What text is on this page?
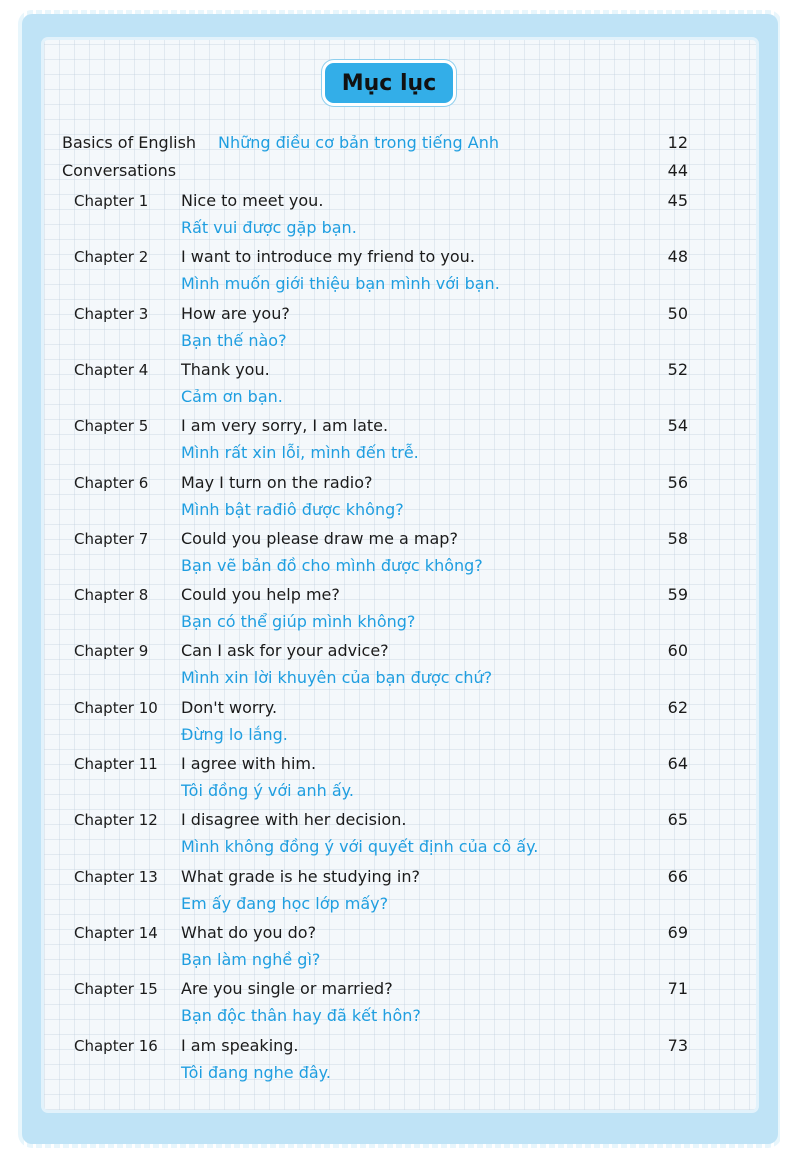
Mục lục
Basics of English Những điều cơ bản trong tiếng Anh	12
Conversations	44
Chapter 1 Nice to meet you.	45
Rất vui được gặp bạn.
Chapter 2 I want to introduce my friend to you.	48
Mình muốn giới thiệu bạn mình với bạn.
Chapter 3 How are you?	50
Bạn thế nào?
Chapter 4 Thank you.	52
Cảm ơn bạn.
Chapter 5 I am very sorry, I am late.	54
Mình rất xin lỗi, mình đến trễ.
Chapter 6 May I turn on the radio?	56
Mình bật rađiô được không?
Chapter 7 Could you please draw me a map?	58
Bạn vẽ bản đồ cho mình được không?
Chapter 8 Could you help me?	59
Bạn có thể giúp mình không?
Chapter 9 Can I ask for your advice?	60
Mình xin lời khuyên của bạn được chứ?
Chapter 10 Don't worry.	62
Đừng lo lắng.
Chapter 11 I agree with him.	64
Tôi đồng ý với anh ấy.
Chapter 12 I disagree with her decision.	65
Mình không đồng ý với quyết định của cô ấy.
Chapter 13 What grade is he studying in?	66
Em ấy đang học lớp mấy?
Chapter 14 What do you do?	69
Bạn làm nghề gì?
Chapter 15 Are you single or married?	71
Bạn độc thân hay đã kết hôn?
Chapter 16 I am speaking.	73
Tôi đang nghe đây.
